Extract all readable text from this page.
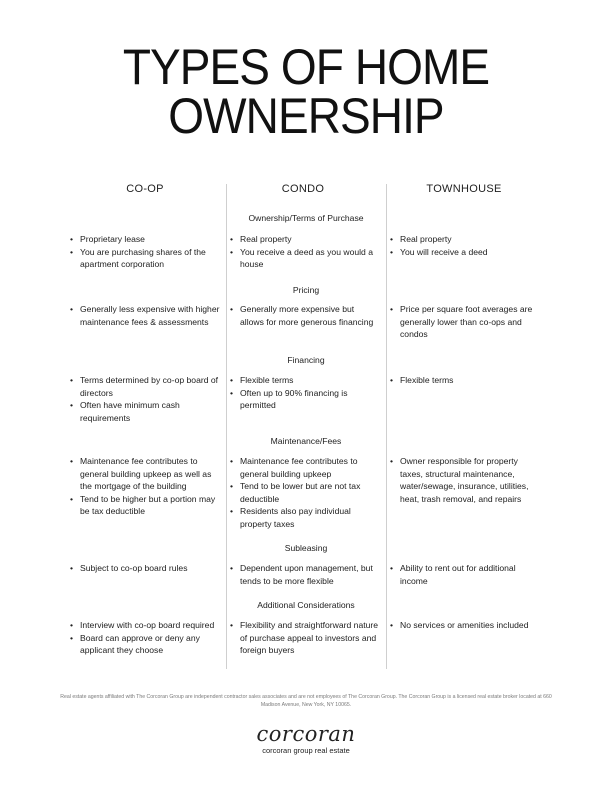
TYPES OF HOME
OWNERSHIP
CO-OP	CONDO	TOWNHOUSE
Ownership/Terms of Purchase
Pricing
Financing
Maintenance/Fees
Subleasing
Additional Considerations
• Proprietary lease
• You are purchasing shares of the apartment corporation
• Real property
• You receive a deed as you would a house
• Real property
• You will receive a deed
• Generally less expensive with higher maintenance fees & assessments
• Generally more expensive but allows for more generous financing
• Price per square foot averages are generally lower than co-ops and condos
• Terms determined by co-op board of directors
• Often have minimum cash requirements
• Flexible terms
• Often up to 90% financing is permitted
• Flexible terms
• Maintenance fee contributes to general building upkeep as well as the mortgage of the building
• Tend to be higher but a portion may be tax deductible
• Maintenance fee contributes to general building upkeep
• Tend to be lower but are not tax deductible
• Residents also pay individual property taxes
• Owner responsible for property taxes, structural maintenance, water/sewage, insurance, utilities, heat, trash removal, and repairs
• Subject to co-op board rules
•	Dependent upon management, but tends to be more flexible
• Ability to rent out for additional income
• Interview with co-op board required
• Board can approve or deny any applicant they choose
• Flexibility and straightforward nature of purchase appeal to investors and foreign buyers
• No services or amenities included
Real estate agents affiliated with The Corcoran Group are independent contractor sales associates and are not employees of The Corcoran Group. The Corcoran Group is a licensed real estate broker located at 660 Madison Avenue, New York, NY 10065.
corcoran
corcoran group real estate
